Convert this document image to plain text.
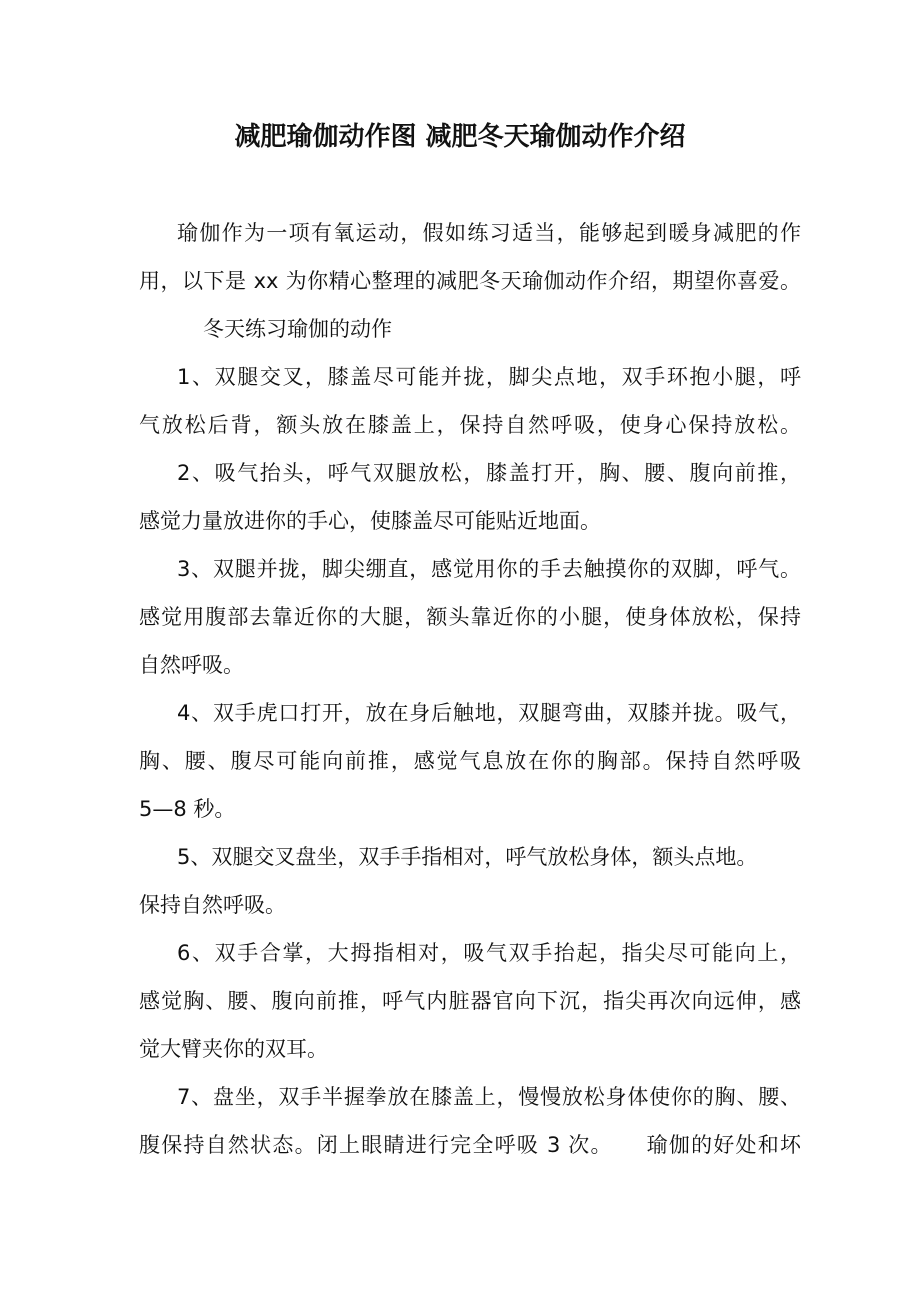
减肥瑜伽动作图 减肥冬天瑜伽动作介绍
瑜伽作为一项有氧运动，假如练习适当，能够起到暖身减肥的作
用，以下是 xx 为你精心整理的减肥冬天瑜伽动作介绍，期望你喜爱。
冬天练习瑜伽的动作
1、双腿交叉，膝盖尽可能并拢，脚尖点地，双手环抱小腿，呼
气放松后背，额头放在膝盖上，保持自然呼吸，使身心保持放松。
2、吸气抬头，呼气双腿放松，膝盖打开，胸、腰、腹向前推，
感觉力量放进你的手心，使膝盖尽可能贴近地面。
3、双腿并拢，脚尖绷直，感觉用你的手去触摸你的双脚，呼气。
感觉用腹部去靠近你的大腿，额头靠近你的小腿，使身体放松，保持
自然呼吸。
4、双手虎口打开，放在身后触地，双腿弯曲，双膝并拢。吸气，
胸、腰、腹尽可能向前推，感觉气息放在你的胸部。保持自然呼吸
5—8 秒。
5、双腿交叉盘坐，双手手指相对，呼气放松身体，额头点地。
保持自然呼吸。
6、双手合掌，大拇指相对，吸气双手抬起，指尖尽可能向上，
感觉胸、腰、腹向前推，呼气内脏器官向下沉，指尖再次向远伸，感
觉大臂夹你的双耳。
7、盘坐，双手半握拳放在膝盖上，慢慢放松身体使你的胸、腰、
腹保持自然状态。闭上眼睛进行完全呼吸 3 次。　　瑜伽的好处和坏
